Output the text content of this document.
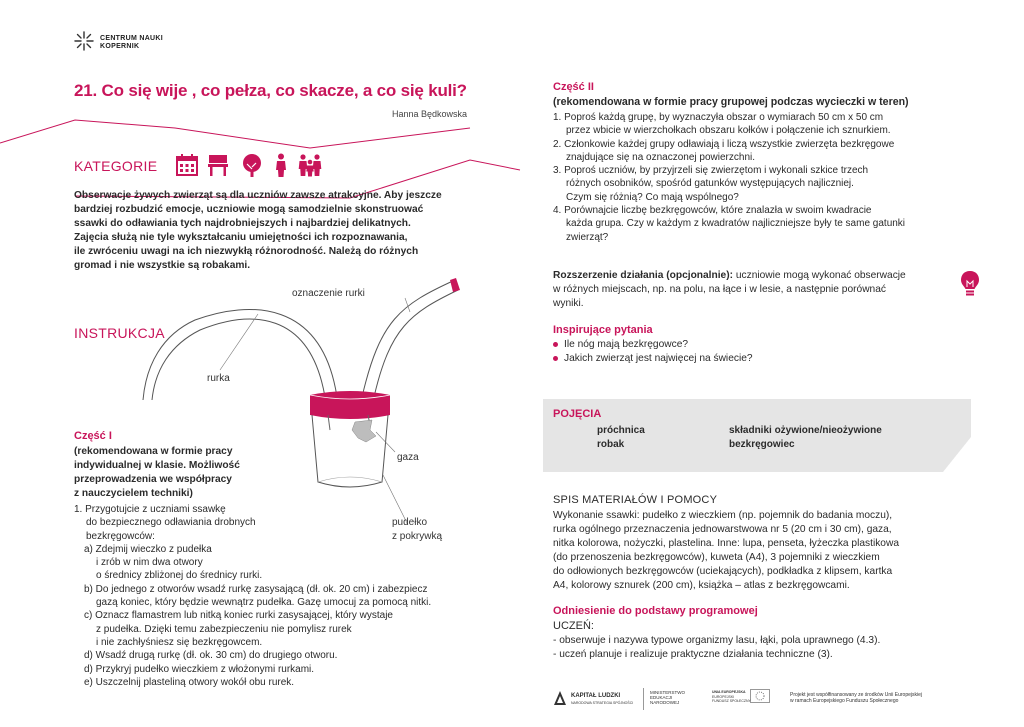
CENTRUM NAUKI
KOPERNIK
21. Co się wije , co pełza, co skacze, a co się kuli?
Hanna Będkowska
KATEGORIE
Obserwacje żywych zwierząt są dla uczniów zawsze atrakcyjne. Aby jeszcze
bardziej rozbudzić emocje, uczniowie mogą samodzielnie skonstruować
ssawki do odławiania tych najdrobniejszych i najbardziej delikatnych.
Zajęcia służą nie tyle wykształcaniu umiejętności ich rozpoznawania,
ile zwróceniu uwagi na ich niezwykłą różnorodność. Należą do różnych
gromad i nie wszystkie są robakami.
INSTRUKCJA
oznaczenie rurki
rurka
gaza
pudełko
z pokrywką
Część I
(rekomendowana w formie pracy
indywidualnej w klasie. Możliwość
przeprowadzenia we współpracy
z nauczycielem techniki)
1. Przygotujcie z uczniami ssawkę
do bezpiecznego odławiania drobnych
bezkręgowców:
a) Zdejmij wieczko z pudełka
i zrób w nim dwa otwory
o średnicy zbliżonej do średnicy rurki.
b) Do jednego z otworów wsadź rurkę zasysającą (dł. ok. 20 cm) i zabezpiecz
gazą koniec, który będzie wewnątrz pudełka. Gazę umocuj za pomocą nitki.
c) Oznacz flamastrem lub nitką koniec rurki zasysającej, który wystaje
z pudełka. Dzięki temu zabezpieczeniu nie pomylisz rurek
i nie zachłyśniesz się bezkręgowcem.
d) Wsadź drugą rurkę (dł. ok. 30 cm) do drugiego otworu.
d) Przykryj pudełko wieczkiem z włożonymi rurkami.
e) Uszczelnij plasteliną otwory wokół obu rurek.
Część II
(rekomendowana w formie pracy grupowej podczas wycieczki w teren)
1. Poproś każdą grupę, by wyznaczyła obszar o wymiarach 50 cm x 50 cm
przez wbicie w wierzchołkach obszaru kołków i połączenie ich sznurkiem.
2. Członkowie każdej grupy odławiają i liczą wszystkie zwierzęta bezkręgowe
znajdujące się na oznaczonej powierzchni.
3. Poproś uczniów, by przyjrzeli się zwierzętom i wykonali szkice trzech
różnych osobników, spośród gatunków występujących najliczniej.
Czym się różnią? Co mają wspólnego?
4. Porównajcie liczbę bezkręgowców, które znalazła w swoim kwadracie
każda grupa. Czy w każdym z kwadratów najliczniejsze były te same gatunki
zwierząt?
Rozszerzenie działania (opcjonalnie): uczniowie mogą wykonać obserwacje
w różnych miejscach, np. na polu, na łące i w lesie, a następnie porównać
wyniki.
Inspirujące pytania
Ile nóg mają bezkręgowce?
Jakich zwierząt jest najwięcej na świecie?
POJĘCIA
próchnica
robak
składniki ożywione/nieożywione
bezkręgowiec
SPIS MATERIAŁÓW I POMOCY
Wykonanie ssawki: pudełko z wieczkiem (np. pojemnik do badania moczu),
rurka ogólnego przeznaczenia jednowarstwowa nr 5 (20 cm i 30 cm), gaza,
nitka kolorowa, nożyczki, plastelina. Inne: lupa, penseta, łyżeczka plastikowa
(do przenoszenia bezkręgowców), kuweta (A4), 3 pojemniki z wieczkiem
do odłowionych bezkręgowców (uciekających), podkładka z klipsem, kartka
A4, kolorowy sznurek (200 cm), książka – atlas z bezkręgowcami.
Odniesienie do podstawy programowej
UCZEŃ:
- obserwuje i nazywa typowe organizmy lasu, łąki, pola uprawnego (4.3).
- uczeń planuje i realizuje praktyczne działania techniczne (3).
KAPITAŁ LUDZKI
NARODOWA STRATEGIA SPÓJNOŚCI
MINISTERSTWO
EDUKACJI
NARODOWEJ
UNIA EUROPEJSKA
EUROPEJSKI
FUNDUSZ SPOŁECZNY
Projekt jest współfinansowany ze środków Unii Europejskiej
w ramach Europejskiego Funduszu Społecznego
